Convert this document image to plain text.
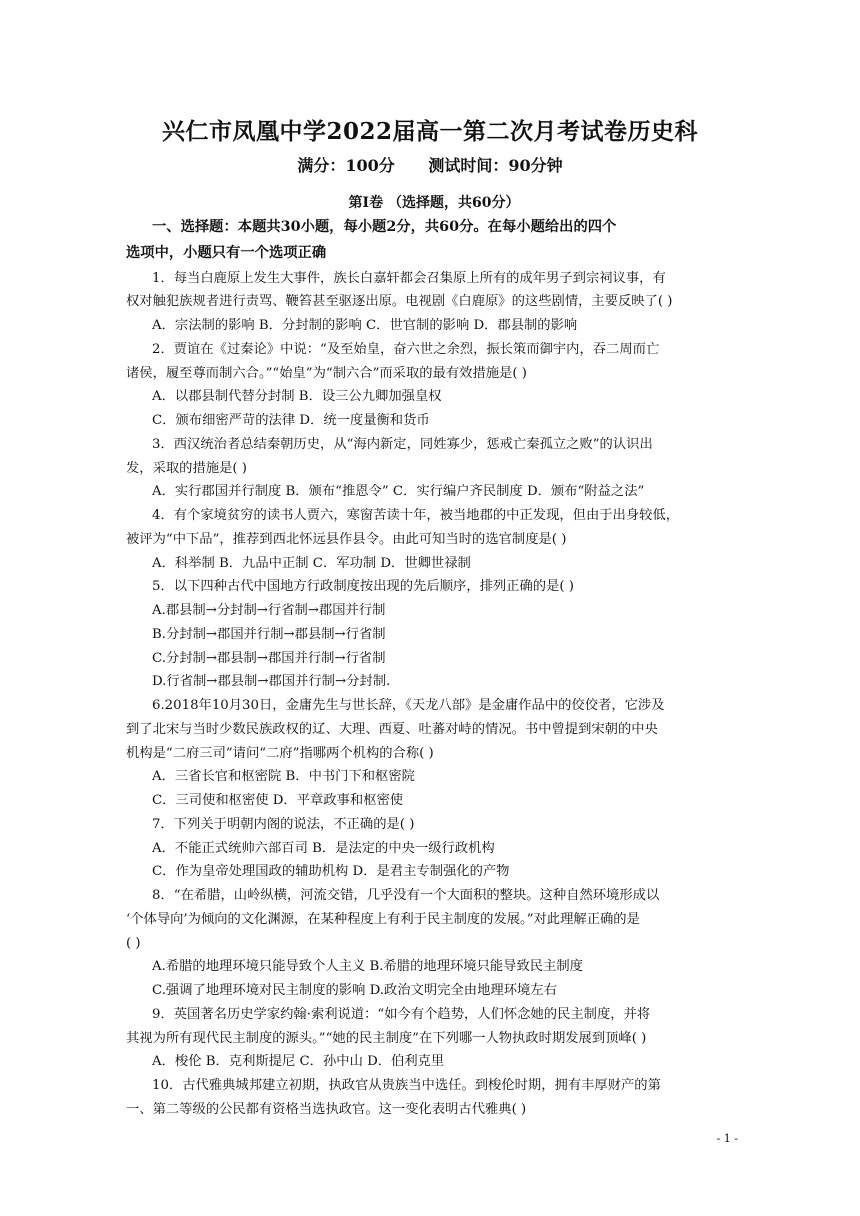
兴仁市凤凰中学2022届高一第二次月考试卷历史科
满分：100分 测试时间：90分钟
第Ⅰ卷 （选择题，共60分）
一、选择题：本题共30小题，每小题2分，共60分。在每小题给出的四个
选项中，小题只有一个选项正确
1．每当白鹿原上发生大事件，族长白嘉轩都会召集原上所有的成年男子到宗祠议事，有
权对触犯族规者进行责骂、鞭笞甚至驱逐出原。电视剧《白鹿原》的这些剧情，主要反映了( )
A．宗法制的影响 B．分封制的影响 C．世官制的影响 D．郡县制的影响
2．贾谊在《过秦论》中说：“及至始皇，奋六世之余烈，振长策而御宇内，吞二周而亡
诸侯，履至尊而制六合。”“始皇”为“制六合”而采取的最有效措施是( )
A．以郡县制代替分封制 B．设三公九卿加强皇权
C．颁布细密严苛的法律 D．统一度量衡和货币
3．西汉统治者总结秦朝历史，从“海内新定，同姓寡少，惩戒亡秦孤立之败”的认识出
发，采取的措施是( )
A．实行郡国并行制度 B．颁布“推恩令” C．实行编户齐民制度 D．颁布“附益之法”
4．有个家境贫穷的读书人贾六，寒窗苦读十年，被当地郡的中正发现，但由于出身较低，
被评为“中下品”，推荐到西北怀远县作县令。由此可知当时的选官制度是( )
A．科举制 B．九品中正制 C．军功制 D．世卿世禄制
5．以下四种古代中国地方行政制度按出现的先后顺序，排列正确的是( )
A.郡县制→分封制→行省制→郡国并行制
B.分封制→郡国并行制→郡县制→行省制
C.分封制→郡县制→郡国并行制→行省制
D.行省制→郡县制→郡国并行制→分封制.
6.2018年10月30日，金庸先生与世长辞，《天龙八部》是金庸作品中的佼佼者，它涉及
到了北宋与当时少数民族政权的辽、大理、西夏、吐蕃对峙的情况。书中曾提到宋朝的中央
机构是“二府三司”请问“二府”指哪两个机构的合称( )
A．三省长官和枢密院 B．中书门下和枢密院
C．三司使和枢密使 D．平章政事和枢密使
7．下列关于明朝内阁的说法，不正确的是( )
A．不能正式统帅六部百司 B．是法定的中央一级行政机构
C．作为皇帝处理国政的辅助机构 D．是君主专制强化的产物
8．“在希腊，山岭纵横，河流交错，几乎没有一个大面积的整块。这种自然环境形成以
‘个体导向’为倾向的文化渊源，在某种程度上有利于民主制度的发展。”对此理解正确的是
( )
A.希腊的地理环境只能导致个人主义 B.希腊的地理环境只能导致民主制度
C.强调了地理环境对民主制度的影响 D.政治文明完全由地理环境左右
9．英国著名历史学家约翰·索利说道：“如今有个趋势，人们怀念她的民主制度，并将
其视为所有现代民主制度的源头。”“她的民主制度”在下列哪一人物执政时期发展到顶峰( )
A．梭伦 B．克利斯提尼 C．孙中山 D．伯利克里
10．古代雅典城邦建立初期，执政官从贵族当中选任。到梭伦时期，拥有丰厚财产的第
一、第二等级的公民都有资格当选执政官。这一变化表明古代雅典( )
- 1 -
